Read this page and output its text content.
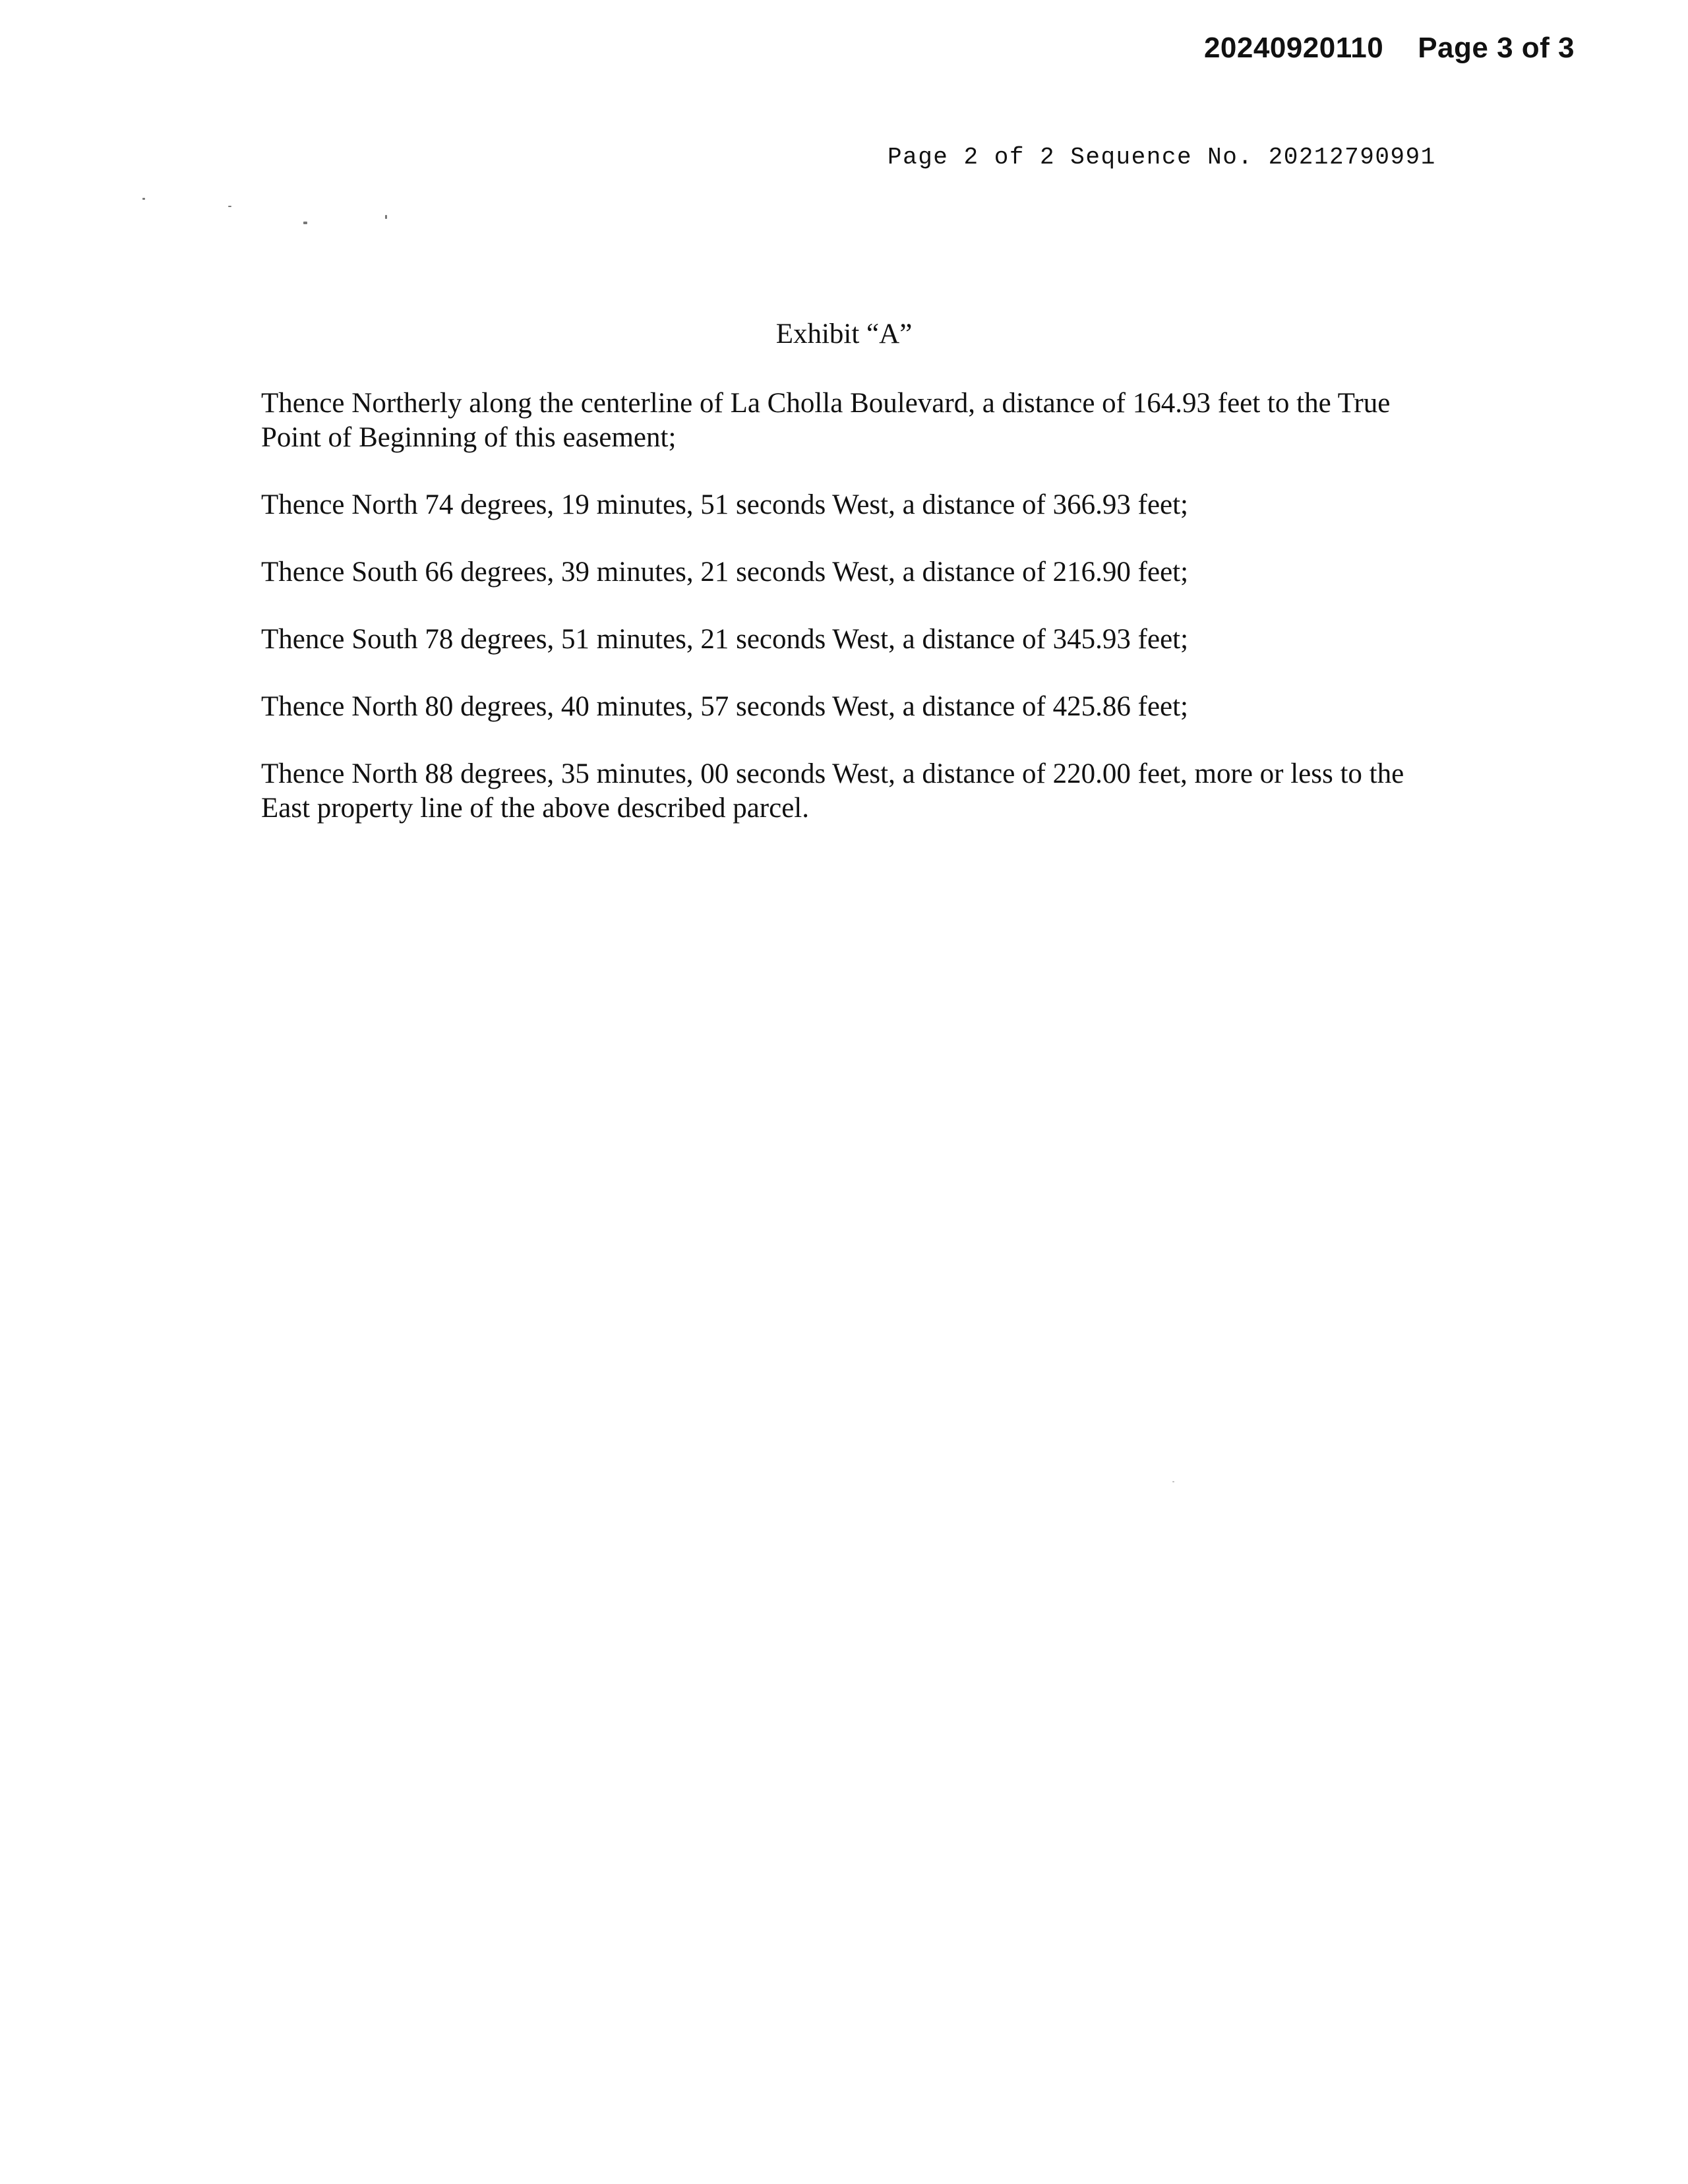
20240920110 Page 3 of 3
Page 2 of 2 Sequence No. 20212790991
Exhibit “A”

Thence Northerly along the centerline of La Cholla Boulevard, a distance of 164.93 feet to the True Point of Beginning of this easement;

Thence North 74 degrees, 19 minutes, 51 seconds West, a distance of 366.93 feet;

Thence South 66 degrees, 39 minutes, 21 seconds West, a distance of 216.90 feet;

Thence South 78 degrees, 51 minutes, 21 seconds West, a distance of 345.93 feet;

Thence North 80 degrees, 40 minutes, 57 seconds West, a distance of 425.86 feet;

Thence North 88 degrees, 35 minutes, 00 seconds West, a distance of 220.00 feet, more or less to the East property line of the above described parcel.
